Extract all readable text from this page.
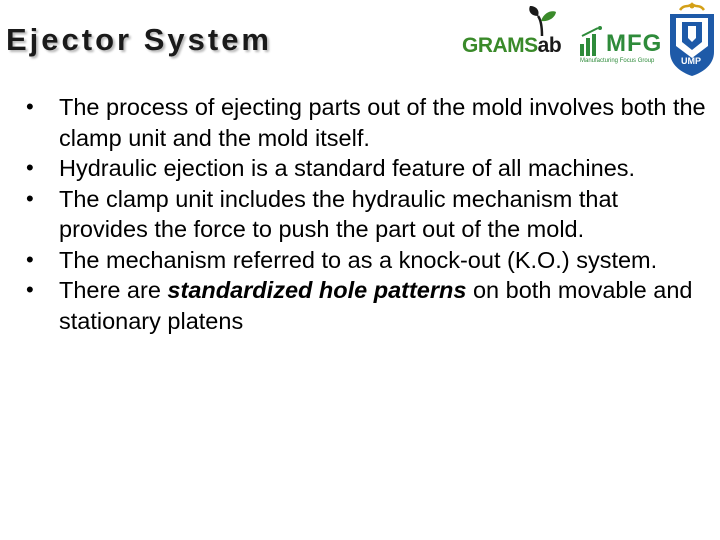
Ejector System	GRAMSab MFG
Manufacturing Focus Group	UMP
• The process of ejecting parts out of the mold involves both the clamp unit and the mold itself.
• Hydraulic ejection is a standard feature of all machines.
• The clamp unit includes the hydraulic mechanism that provides the force to push the part out of the mold.
• The mechanism referred to as a knock-out (K.O.) system.
• There are standardized hole patterns on both movable and stationary platens
